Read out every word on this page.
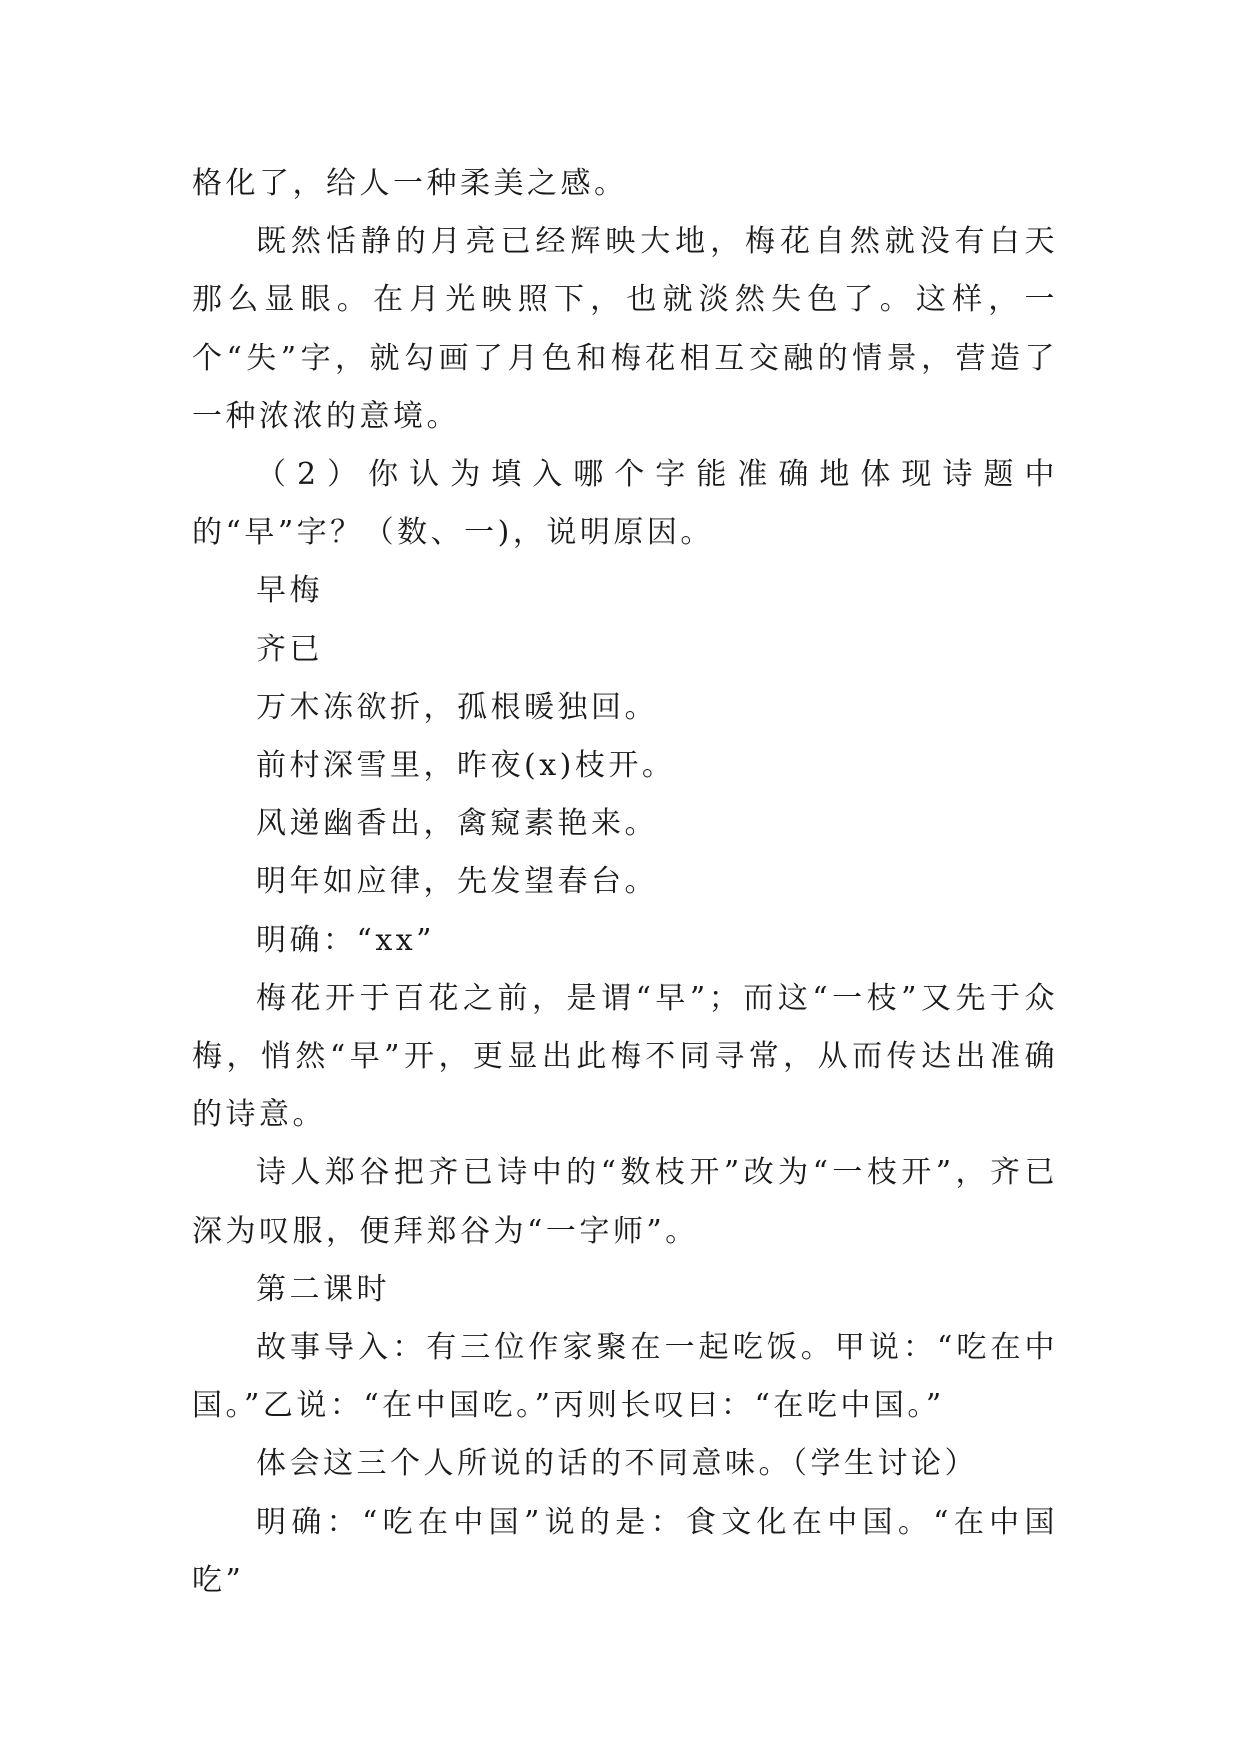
格化了，给人一种柔美之感。

既然恬静的月亮已经辉映大地，梅花自然就没有白天那么显眼。在月光映照下，也就淡然失色了。这样，一个“失”字，就勾画了月色和梅花相互交融的情景，营造了一种浓浓的意境。

（2）你认为填入哪个字能准确地体现诗题中的“早”字？（数、一)，说明原因。

早梅

齐已

万木冻欲折，孤根暖独回。

前村深雪里，昨夜(x)枝开。

风递幽香出，禽窥素艳来。

明年如应律，先发望春台。

明确：“xx”

梅花开于百花之前，是谓“早”；而这“一枝”又先于众梅，悄然“早”开，更显出此梅不同寻常，从而传达出准确的诗意。

诗人郑谷把齐已诗中的“数枝开”改为“一枝开”，齐已深为叹服，便拜郑谷为“一字师”。

第二课时

故事导入：有三位作家聚在一起吃饭。甲说：“吃在中国。”乙说：“在中国吃。”丙则长叹曰：“在吃中国。”

体会这三个人所说的话的不同意味。（学生讨论）

明确：“吃在中国”说的是：食文化在中国。“在中国吃”
